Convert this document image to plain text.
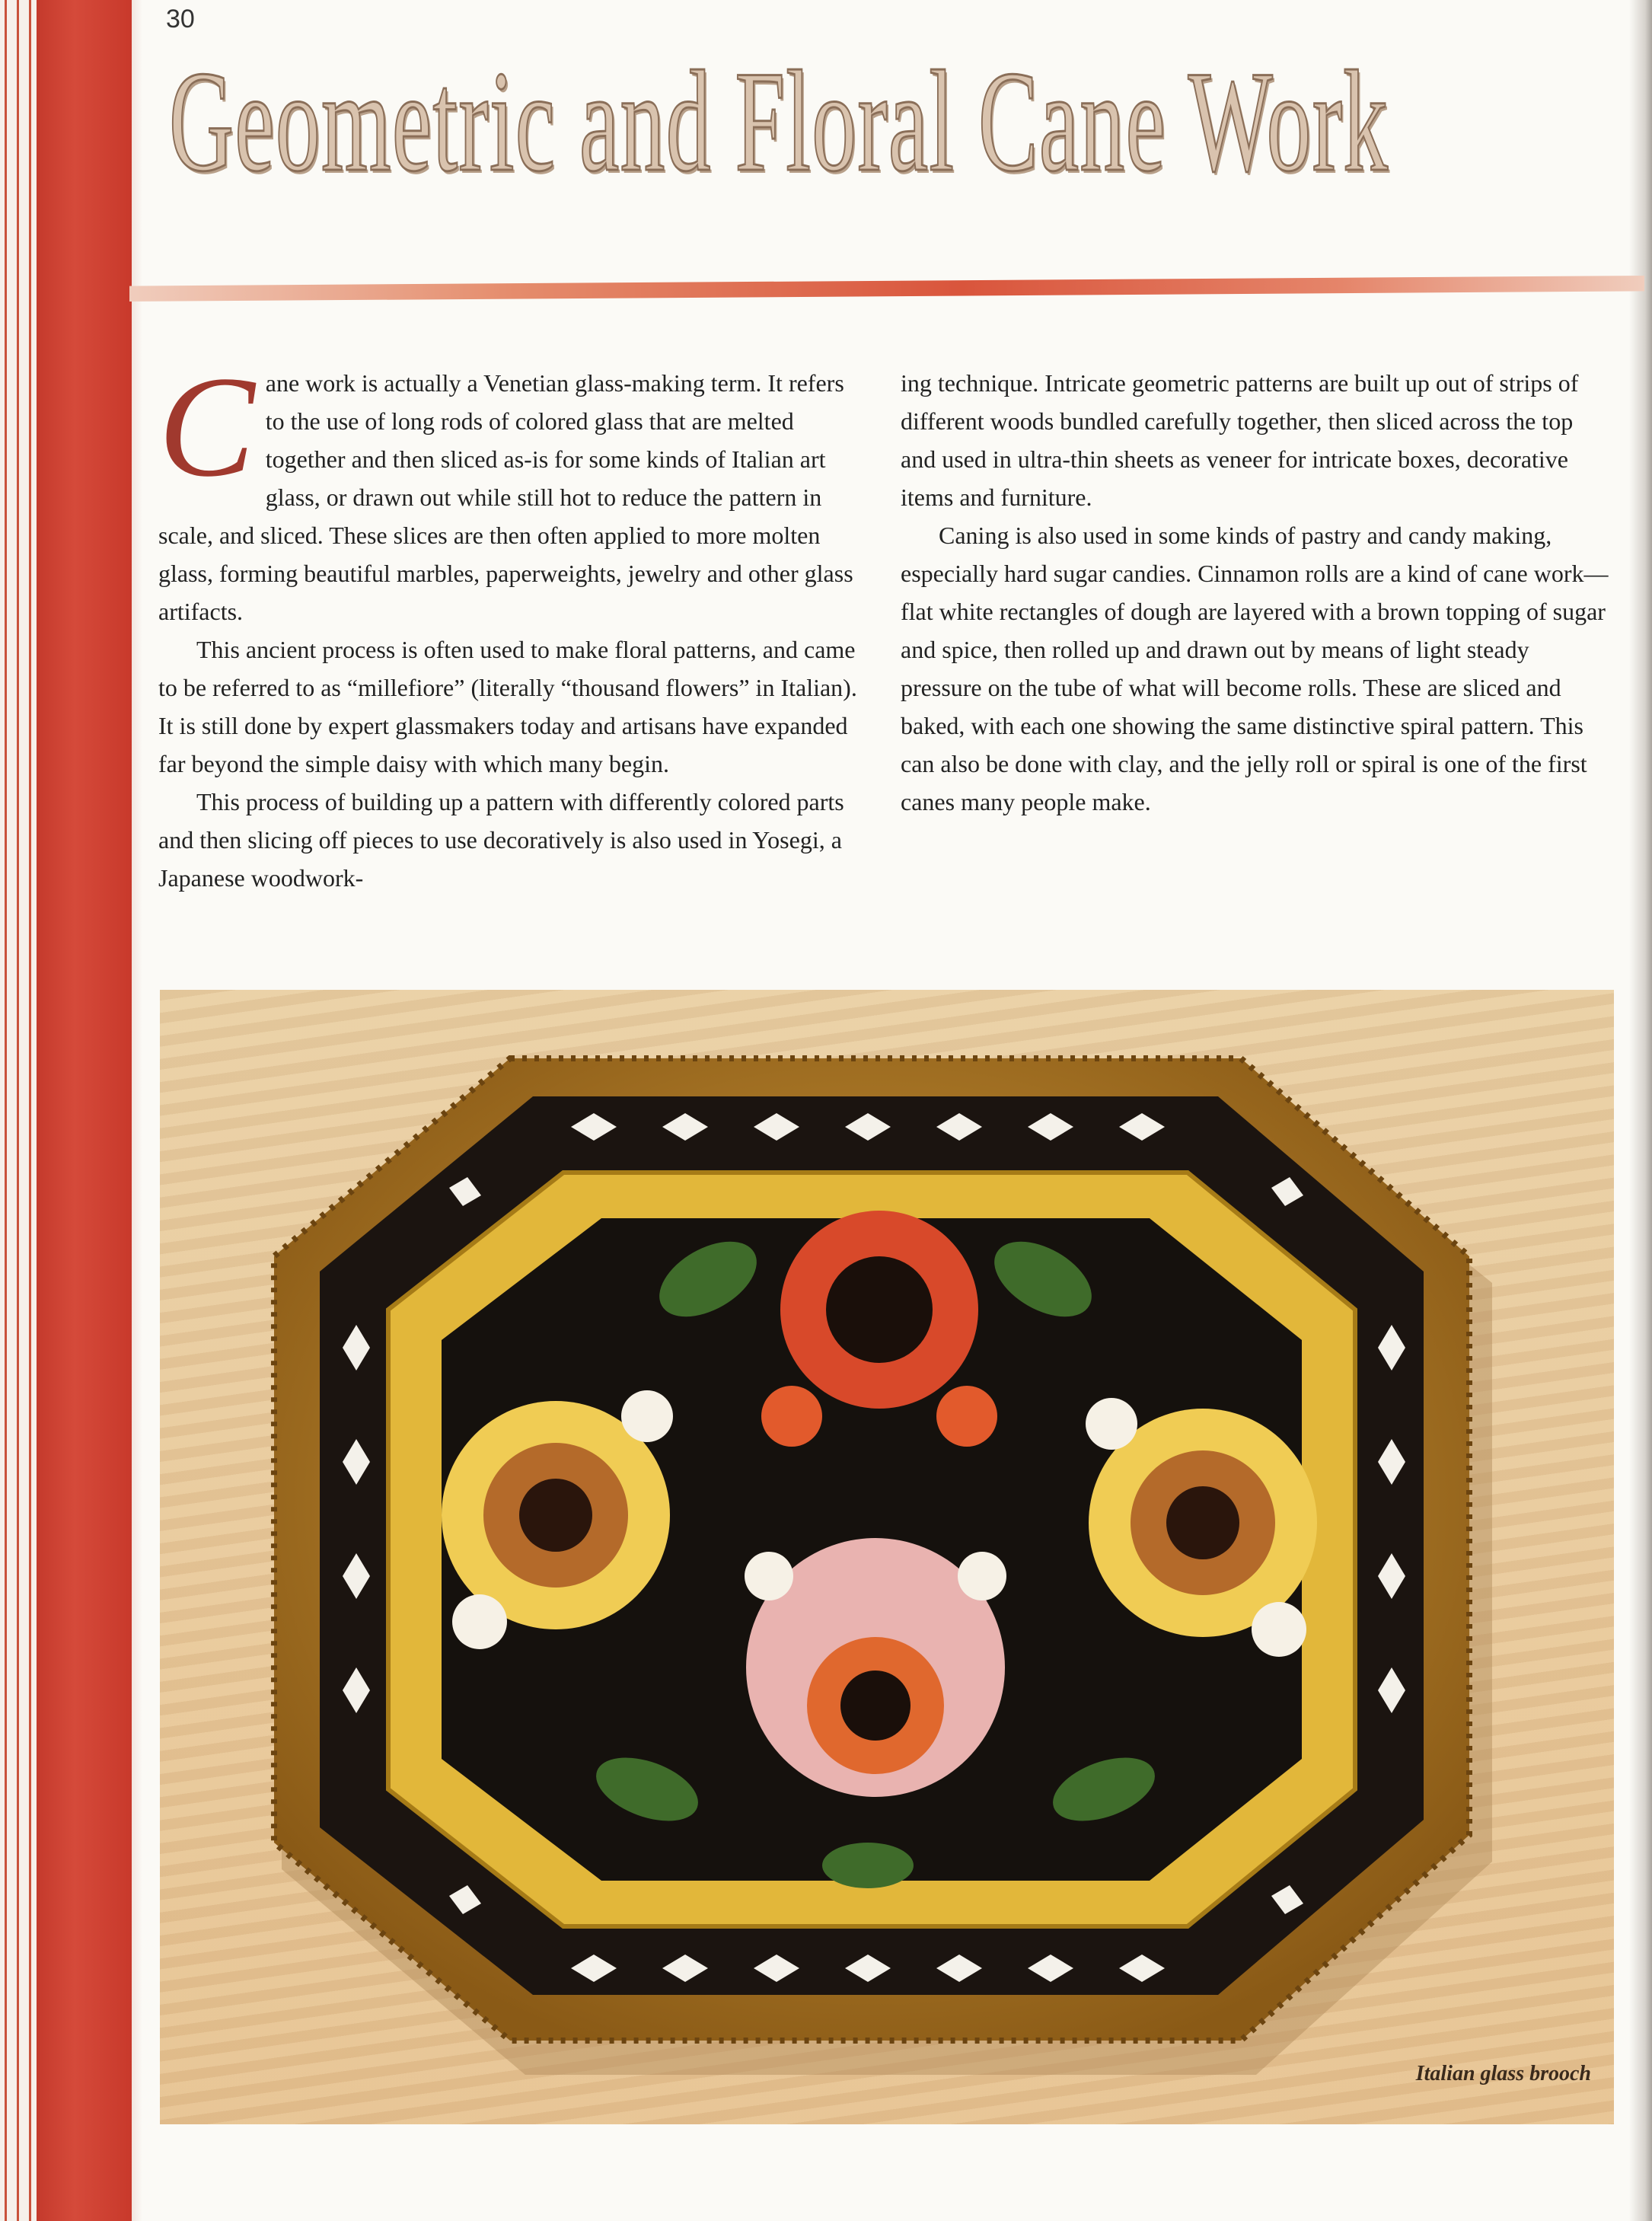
30
Geometric and Floral Cane Work

Cane work is actually a Venetian glass-making term. It refers to the use of long rods of colored glass that are melted together and then sliced as-is for some kinds of Italian art glass, or drawn out while still hot to reduce the pattern in scale, and sliced. These slices are then often applied to more molten glass, forming beautiful marbles, paperweights, jewelry and other glass artifacts.

This ancient process is often used to make floral patterns, and came to be referred to as “millefiore” (literally “thousand flowers” in Italian). It is still done by expert glassmakers today and artisans have expanded far beyond the simple daisy with which many begin.

This process of building up a pattern with differently colored parts and then slicing off pieces to use decoratively is also used in Yosegi, a Japanese woodwork-

ing technique. Intricate geometric patterns are built up out of strips of different woods bundled carefully together, then sliced across the top and used in ultra-thin sheets as veneer for intricate boxes, decorative items and furniture.

Caning is also used in some kinds of pastry and candy making, especially hard sugar candies. Cinnamon rolls are a kind of cane work—flat white rectangles of dough are layered with a brown topping of sugar and spice, then rolled up and drawn out by means of light steady pressure on the tube of what will become rolls. These are sliced and baked, with each one showing the same distinctive spiral pattern. This can also be done with clay, and the jelly roll or spiral is one of the first canes many people make.

Italian glass brooch
